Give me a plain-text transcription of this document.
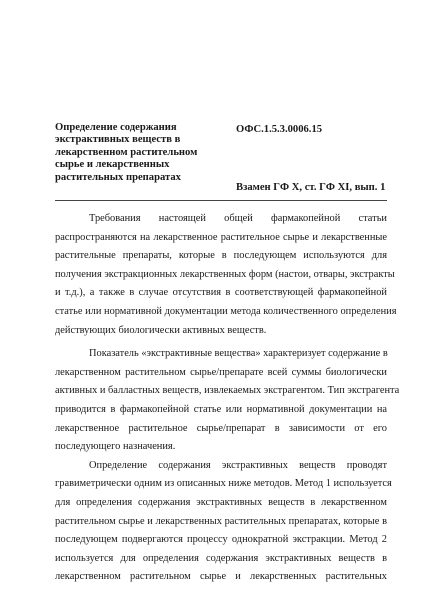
Определение содержания
экстрактивных веществ в
лекарственном растительном
сырье и лекарственных
растительных препаратах
ОФС.1.5.3.0006.15
Взамен ГФ X, ст. ГФ XI, вып. 1
Требования настоящей общей фармакопейной статьи
распространяются на лекарственное растительное сырье и лекарственные
растительные препараты, которые в последующем используются для
получения экстракционных лекарственных форм (настои, отвары, экстракты
и т.д.), а также в случае отсутствия в соответствующей фармакопейной
статье или нормативной документации метода количественного определения
действующих биологически активных веществ.
Показатель «экстрактивные вещества» характеризует содержание в
лекарственном растительном сырье/препарате всей суммы биологически
активных и балластных веществ, извлекаемых экстрагентом. Тип экстрагента
приводится в фармакопейной статье или нормативной документации на
лекарственное растительное сырье/препарат в зависимости от его
последующего назначения.
Определение содержания экстрактивных веществ проводят
гравиметрически одним из описанных ниже методов. Метод 1 используется
для определения содержания экстрактивных веществ в лекарственном
растительном сырье и лекарственных растительных препаратах, которые в
последующем подвергаются процессу однократной экстракции. Метод 2
используется для определения содержания экстрактивных веществ в
лекарственном растительном сырье и лекарственных растительных
